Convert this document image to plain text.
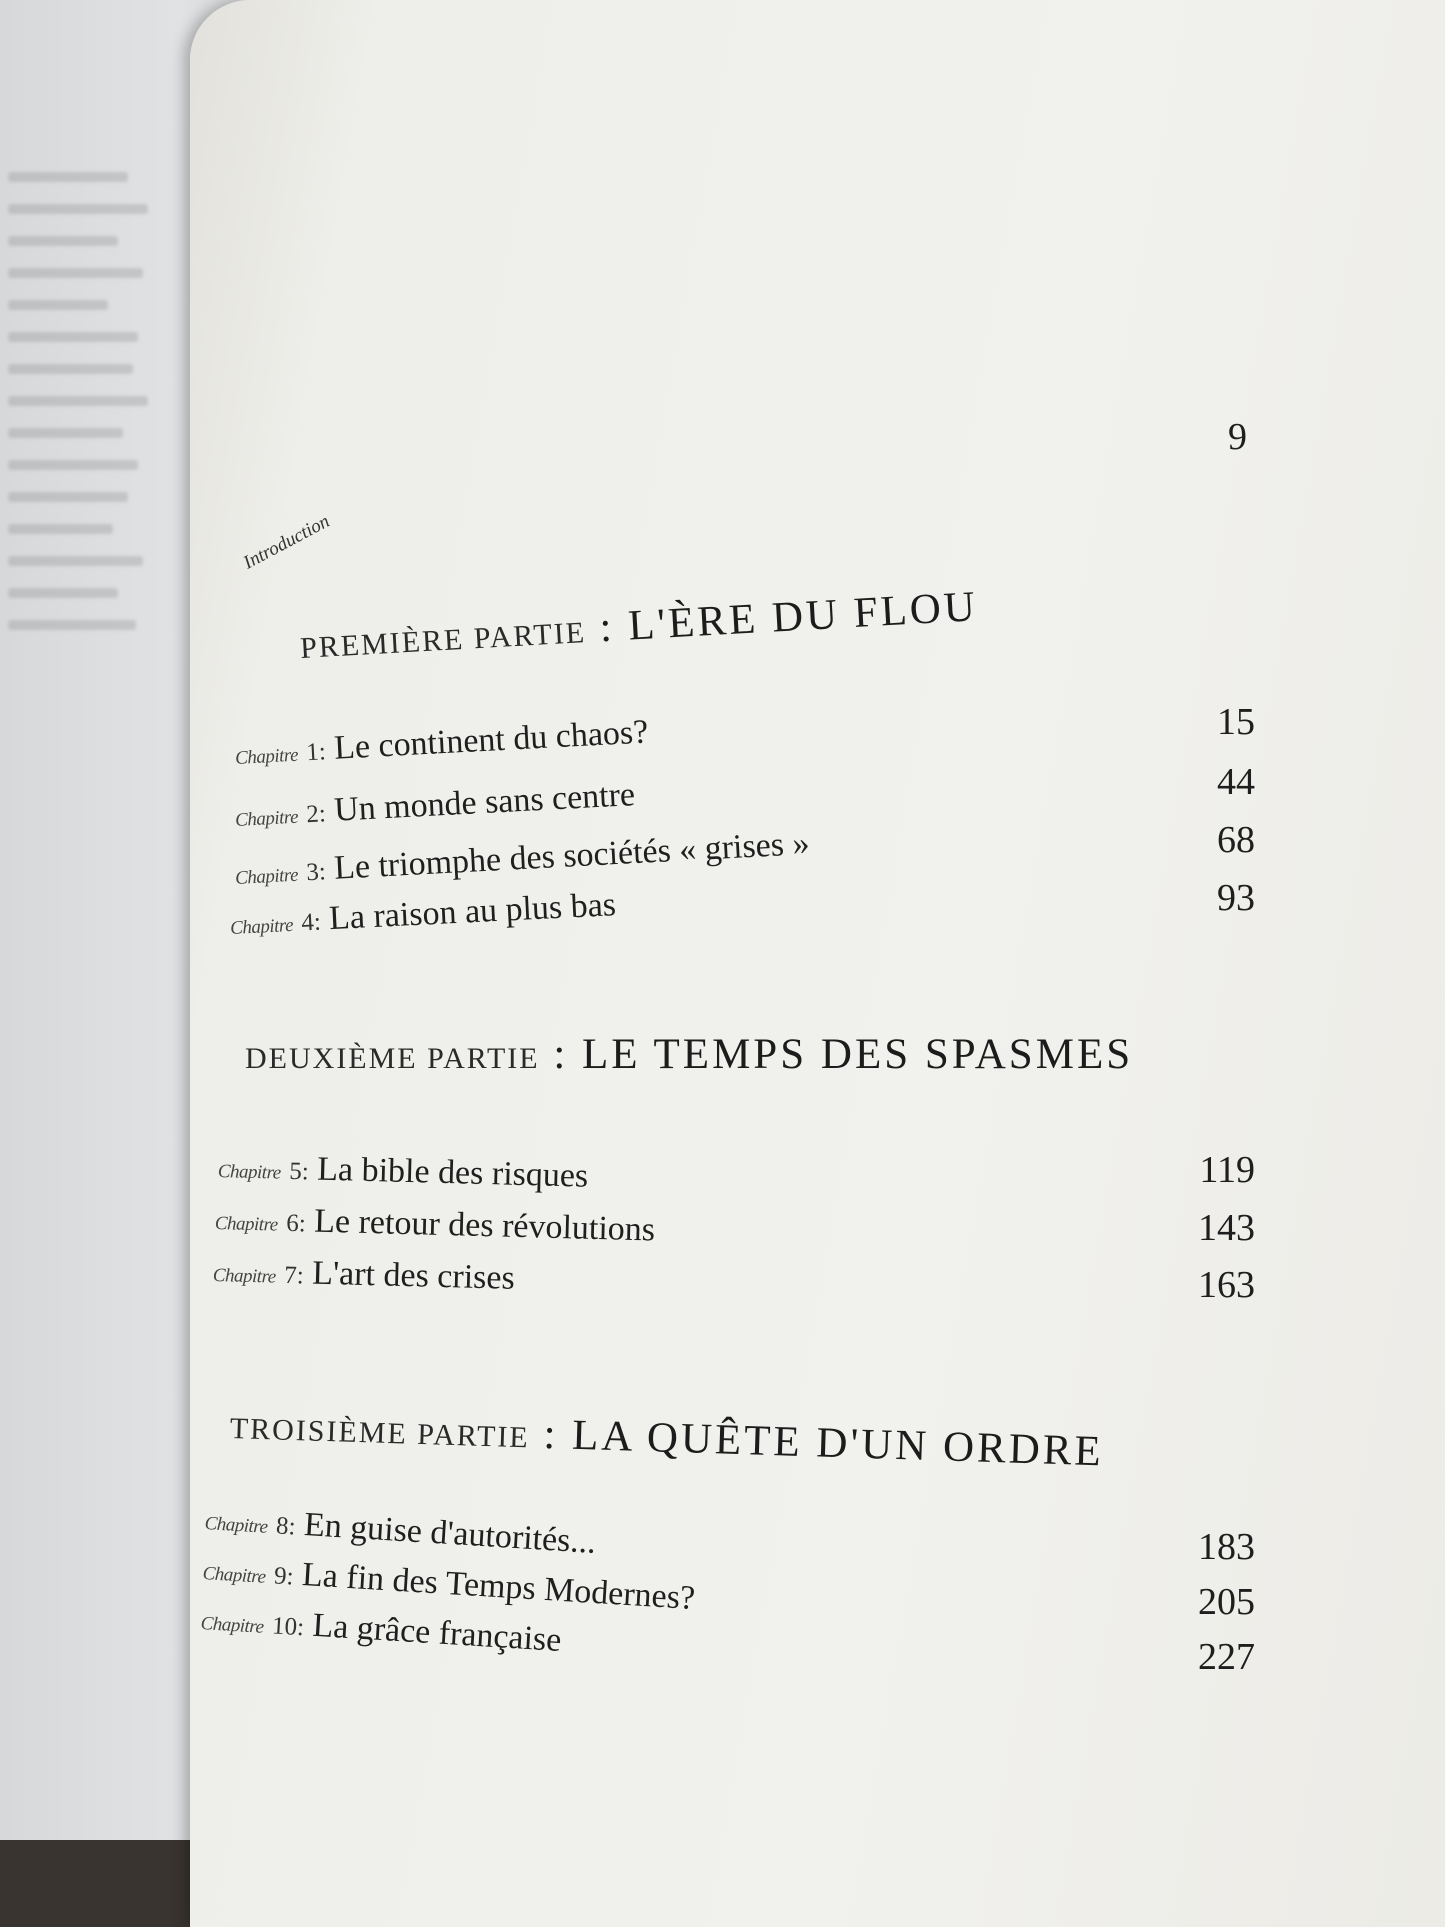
9
Introduction
PREMIÈRE PARTIE : L'ÈRE DU FLOU
Chapitre 1: Le continent du chaos?
Chapitre 2: Un monde sans centre
Chapitre 3: Le triomphe des sociétés « grises »
Chapitre 4: La raison au plus bas
15
44
68
93
DEUXIÈME PARTIE : LE TEMPS DES SPASMES
Chapitre 5: La bible des risques
Chapitre 6: Le retour des révolutions
Chapitre 7: L'art des crises
119
143
163
TROISIÈME PARTIE : LA QUÊTE D'UN ORDRE
Chapitre 8: En guise d'autorités...
Chapitre 9: La fin des Temps Modernes?
Chapitre 10: La grâce française
183
205
227
